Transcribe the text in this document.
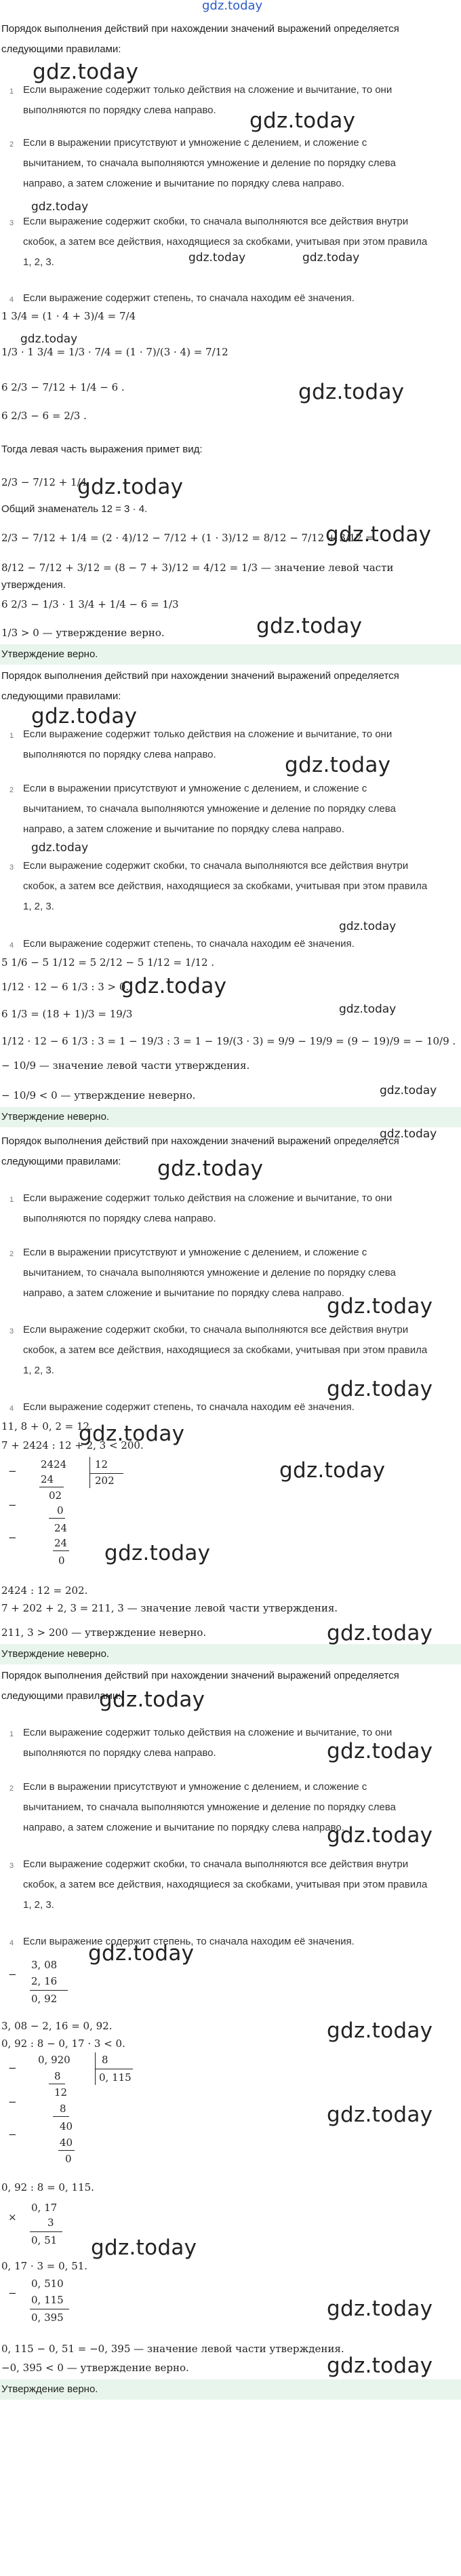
gdz.today
Порядок выполнения действий при нахождении значений выражений определяется следующими правилами:
1 Если выражение содержит только действия на сложение и вычитание, то они выполняются по порядку слева направо.
2 Если в выражении присутствуют и умножение с делением, и сложение с вычитанием, то сначала выполняются умножение и деление по порядку слева направо, а затем сложение и вычитание по порядку слева направо.
3 Если выражение содержит скобки, то сначала выполняются все действия внутри скобок, а затем все действия, находящиеся за скобками, учитывая при этом правила 1, 2, 3.
4 Если выражение содержит степень, то сначала находим её значения.
1 3/4 = (1 · 4 + 3)/4 = 7/4
1/3 · 1 3/4 = 1/3 · 7/4 = (1 · 7)/(3 · 4) = 7/12
6 2/3 − 7/12 + 1/4 − 6 .
6 2/3 − 6 = 2/3 .
Тогда левая часть выражения примет вид:
2/3 − 7/12 + 1/4
Общий знаменатель 12 = 3 · 4.
2/3 − 7/12 + 1/4 = (2 · 4)/12 − 7/12 + (1 · 3)/12 = 8/12 − 7/12 + 3/12 =
8/12 − 7/12 + 3/12 = (8 − 7 + 3)/12 = 4/12 = 1/3 — значение левой части
утверждения.
6 2/3 − 1/3 · 1 3/4 + 1/4 − 6 = 1/3
1/3 > 0 — утверждение верно.
Утверждение верно.
Порядок выполнения действий при нахождении значений выражений определяется следующими правилами:
1 Если выражение содержит только действия на сложение и вычитание, то они выполняются по порядку слева направо.
2 Если в выражении присутствуют и умножение с делением, и сложение с вычитанием, то сначала выполняются умножение и деление по порядку слева направо, а затем сложение и вычитание по порядку слева направо.
3 Если выражение содержит скобки, то сначала выполняются все действия внутри скобок, а затем все действия, находящиеся за скобками, учитывая при этом правила 1, 2, 3.
4 Если выражение содержит степень, то сначала находим её значения.
5 1/6 − 5 1/12 = 5 2/12 − 5 1/12 = 1/12 .
1/12 · 12 − 6 1/3 : 3 > 0.
6 1/3 = (18 + 1)/3 = 19/3
1/12 · 12 − 6 1/3 : 3 = 1 − 19/3 : 3 = 1 − 19/(3 · 3) = 9/9 − 19/9 = (9 − 19)/9 = − 10/9 .
− 10/9 — значение левой части утверждения.
− 10/9 < 0 — утверждение неверно.
Утверждение неверно.
Порядок выполнения действий при нахождении значений выражений определяется следующими правилами:
1 Если выражение содержит только действия на сложение и вычитание, то они выполняются по порядку слева направо.
2 Если в выражении присутствуют и умножение с делением, и сложение с вычитанием, то сначала выполняются умножение и деление по порядку слева направо, а затем сложение и вычитание по порядку слева направо.
3 Если выражение содержит скобки, то сначала выполняются все действия внутри скобок, а затем все действия, находящиеся за скобками, учитывая при этом правила 1, 2, 3.
4 Если выражение содержит степень, то сначала находим её значения.
11, 8 + 0, 2 = 12.
7 + 2424 : 12 + 2, 3 < 200.
−
2424	12
202
24
02
−	0
24
−	24
0
2424 : 12 = 202.
7 + 202 + 2, 3 = 211, 3 — значение левой части утверждения.
211, 3 > 200 — утверждение неверно.
Утверждение неверно.
Порядок выполнения действий при нахождении значений выражений определяется следующими правилами:
1 Если выражение содержит только действия на сложение и вычитание, то они выполняются по порядку слева направо.
2 Если в выражении присутствуют и умножение с делением, и сложение с вычитанием, то сначала выполняются умножение и деление по порядку слева направо, а затем сложение и вычитание по порядку слева направо.
3 Если выражение содержит скобки, то сначала выполняются все действия внутри скобок, а затем все действия, находящиеся за скобками, учитывая при этом правила 1, 2, 3.
4 Если выражение содержит степень, то сначала находим её значения.
3, 08
−
2, 16
0, 92
3, 08 − 2, 16 = 0, 92.
0, 92 : 8 − 0, 17 · 3 < 0.
−
0, 920	8
0, 115
8
−
12
8
−
40
40
0
0, 92 : 8 = 0, 115.
0, 17
×	3
0, 51
0, 17 · 3 = 0, 51.
0, 510
−
0, 115
0, 395
0, 115 − 0, 51 = −0, 395 — значение левой части утверждения.
−0, 395 < 0 — утверждение верно.
Утверждение верно.
gdz.today
gdz.today
gdz.today
gdz.today	gdz.today
gdz.today
gdz.today
gdz.today
gdz.today
gdz.today
gdz.today
gdz.today
gdz.today
gdz.today
gdz.today
gdz.today
gdz.today
gdz.today
gdz.today
gdz.today
gdz.today
gdz.today
gdz.today
gdz.today
gdz.today
gdz.today
gdz.today
gdz.today
gdz.today
gdz.today
gdz.today
gdz.today
gdz.today
gdz.today
